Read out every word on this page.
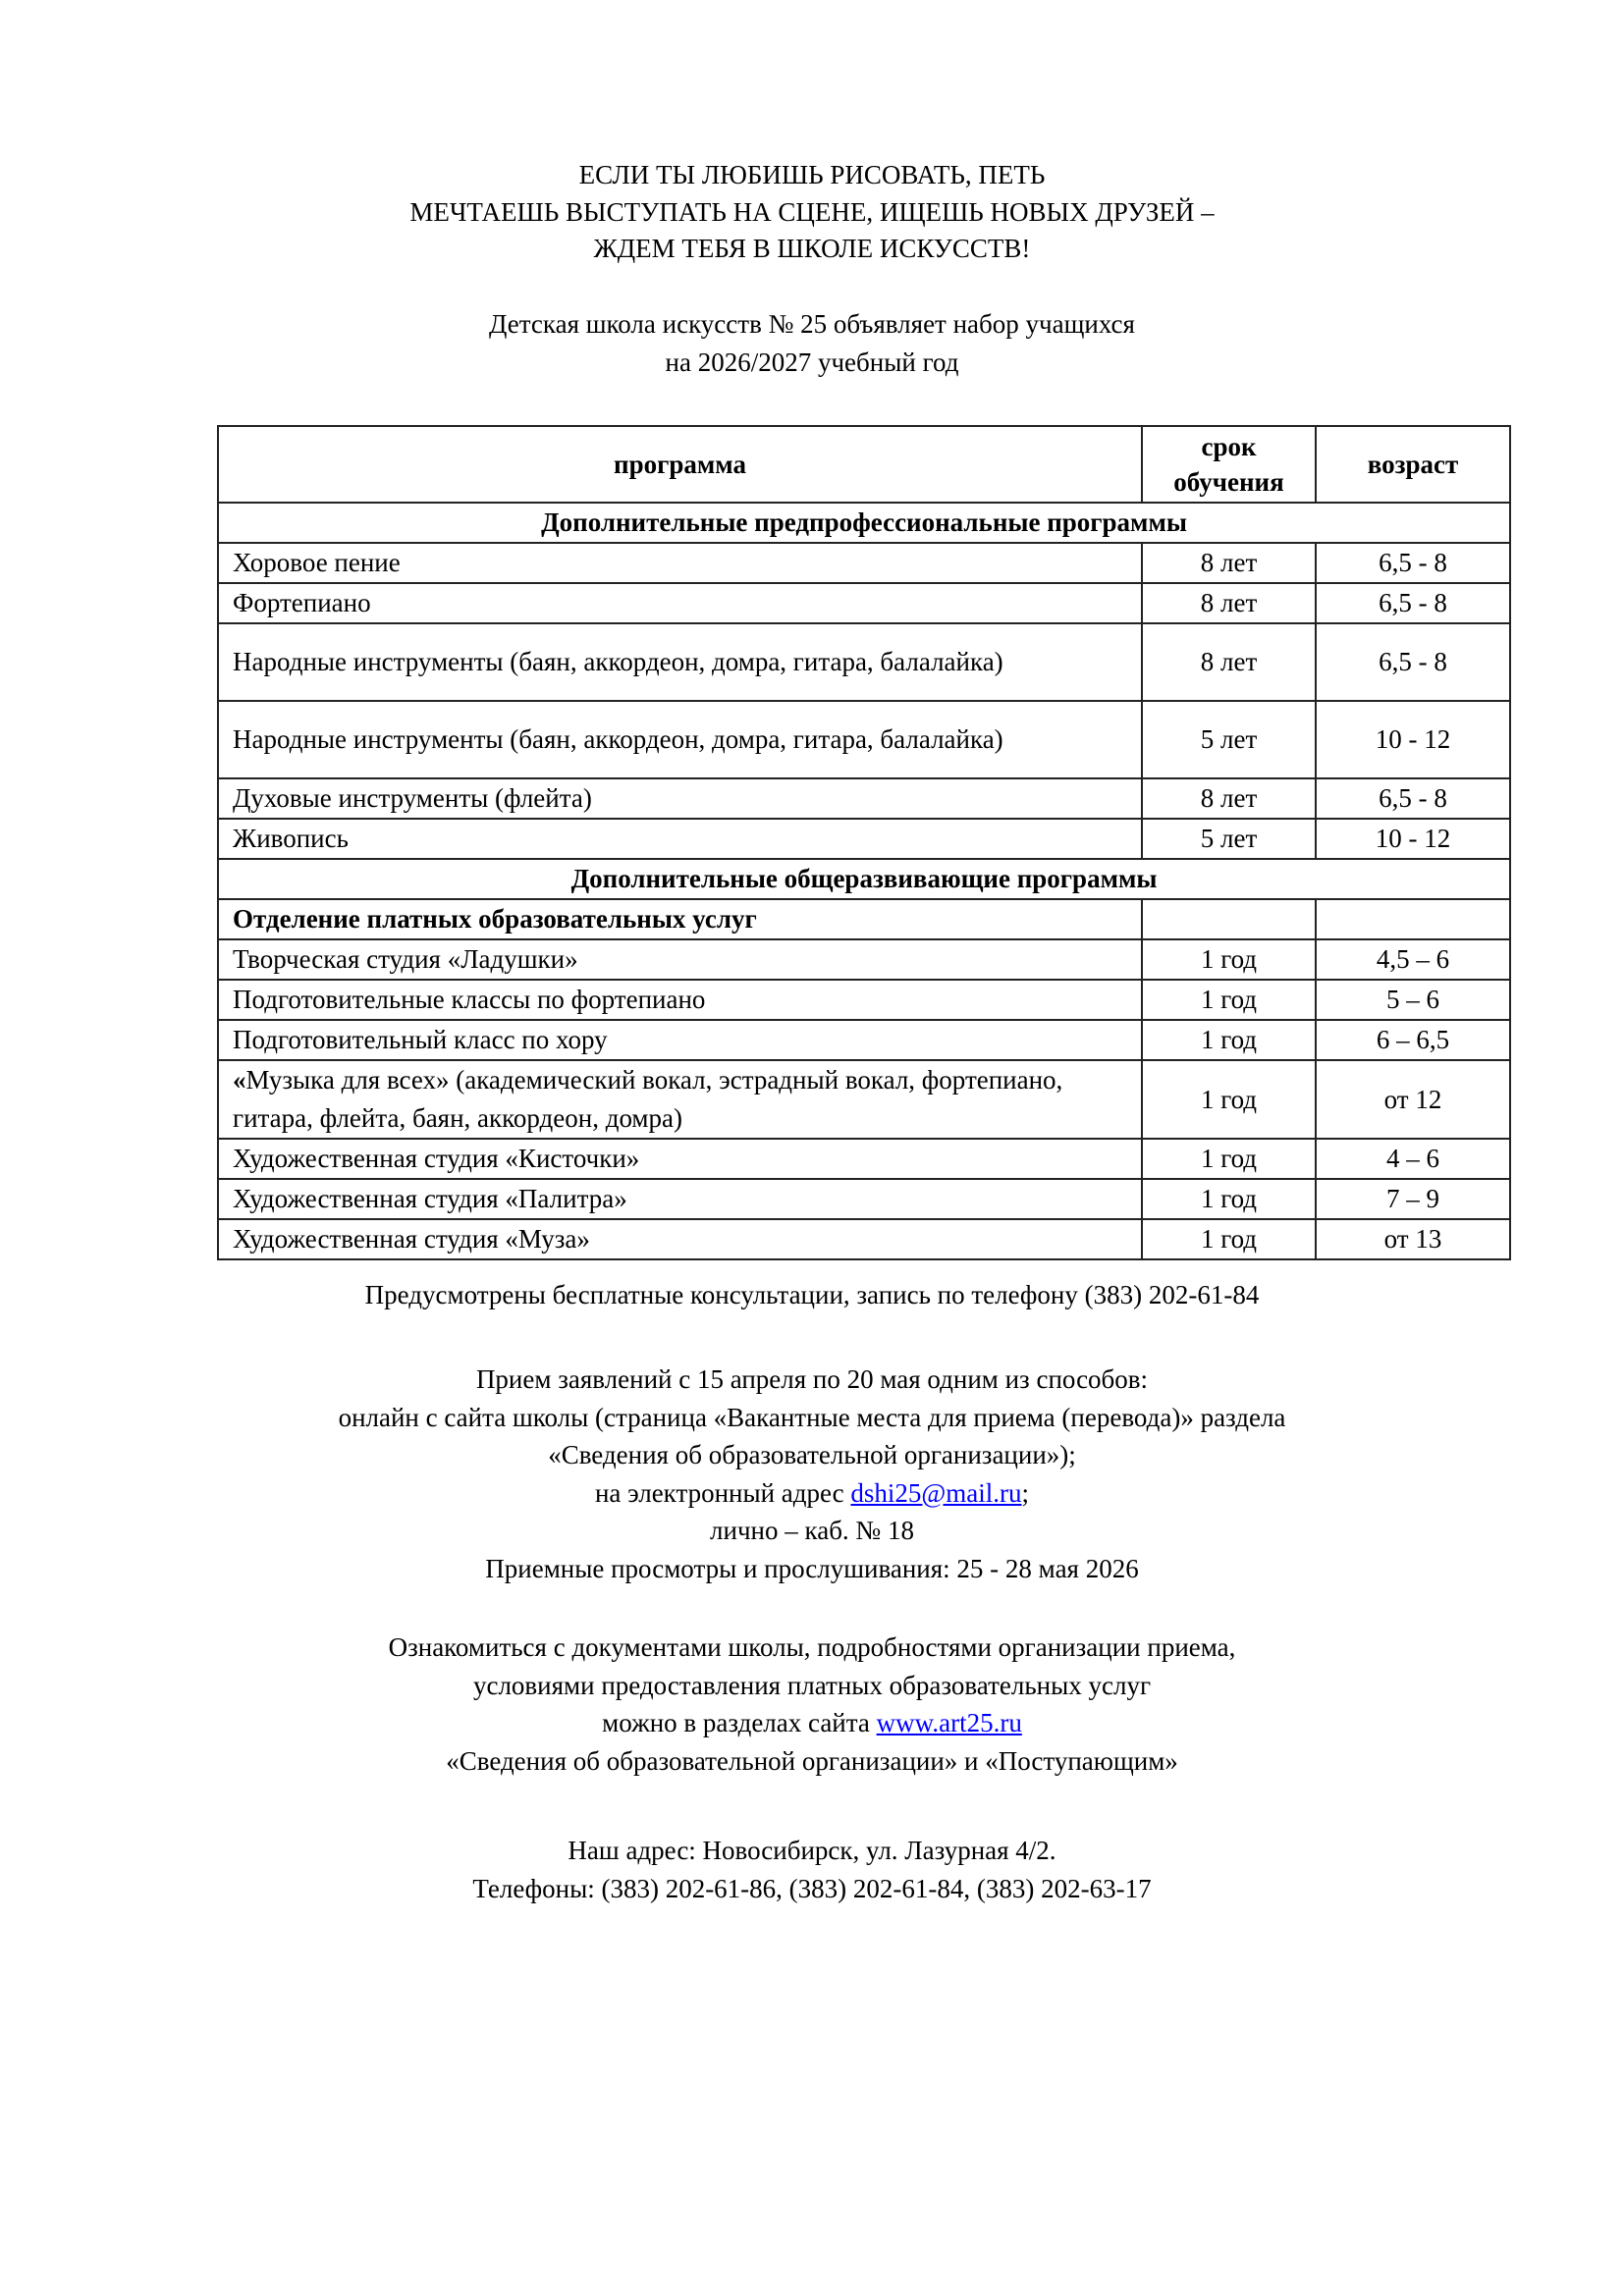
ЕСЛИ ТЫ ЛЮБИШЬ РИСОВАТЬ, ПЕТЬ
МЕЧТАЕШЬ ВЫСТУПАТЬ НА СЦЕНЕ, ИЩЕШЬ НОВЫХ ДРУЗЕЙ –
ЖДЕМ ТЕБЯ В ШКОЛЕ ИСКУССТВ!
Детская школа искусств № 25 объявляет набор учащихся
на 2026/2027 учебный год
программа	срок обучения	возраст
Дополнительные предпрофессиональные программы		
Хоровое пение	8 лет	6,5 - 8
Фортепиано	8 лет	6,5 - 8

Народные инструменты (баян, аккордеон, домра, гитара, балалайка)	8 лет	6,5 - 8

Народные инструменты (баян, аккордеон, домра, гитара, балалайка)	5 лет	10 - 12
Духовые инструменты (флейта)	8 лет	6,5 - 8
Живопись	5 лет	10 - 12
Дополнительные общеразвивающие программы		
Отделение платных образовательных услуг		
Творческая студия «Ладушки»	1 год	4,5 – 6
Подготовительные классы по фортепиано	1 год	5 – 6
Подготовительный класс по хору	1 год	6 – 6,5

«Музыка для всех» (академический вокал, эстрадный вокал, фортепиано, гитара, флейта, баян, аккордеон, домра)	1 год	от 12
Художественная студия «Кисточки»	1 год	4 – 6
Художественная студия «Палитра»	1 год	7 – 9
Художественная студия «Муза»	1 год	от 13
Предусмотрены бесплатные консультации, запись по телефону (383) 202-61-84
Прием заявлений с 15 апреля по 20 мая одним из способов:
онлайн с сайта школы (страница «Вакантные места для приема (перевода)» раздела
«Сведения об образовательной организации»);
на электронный адрес dshi25@mail.ru;
лично – каб. № 18
Приемные просмотры и прослушивания: 25 - 28 мая 2026
Ознакомиться с документами школы, подробностями организации приема,
условиями предоставления платных образовательных услуг
можно в разделах сайта www.art25.ru
«Сведения об образовательной организации» и «Поступающим»
Наш адрес: Новосибирск, ул. Лазурная 4/2.
Телефоны: (383) 202-61-86, (383) 202-61-84, (383) 202-63-17
